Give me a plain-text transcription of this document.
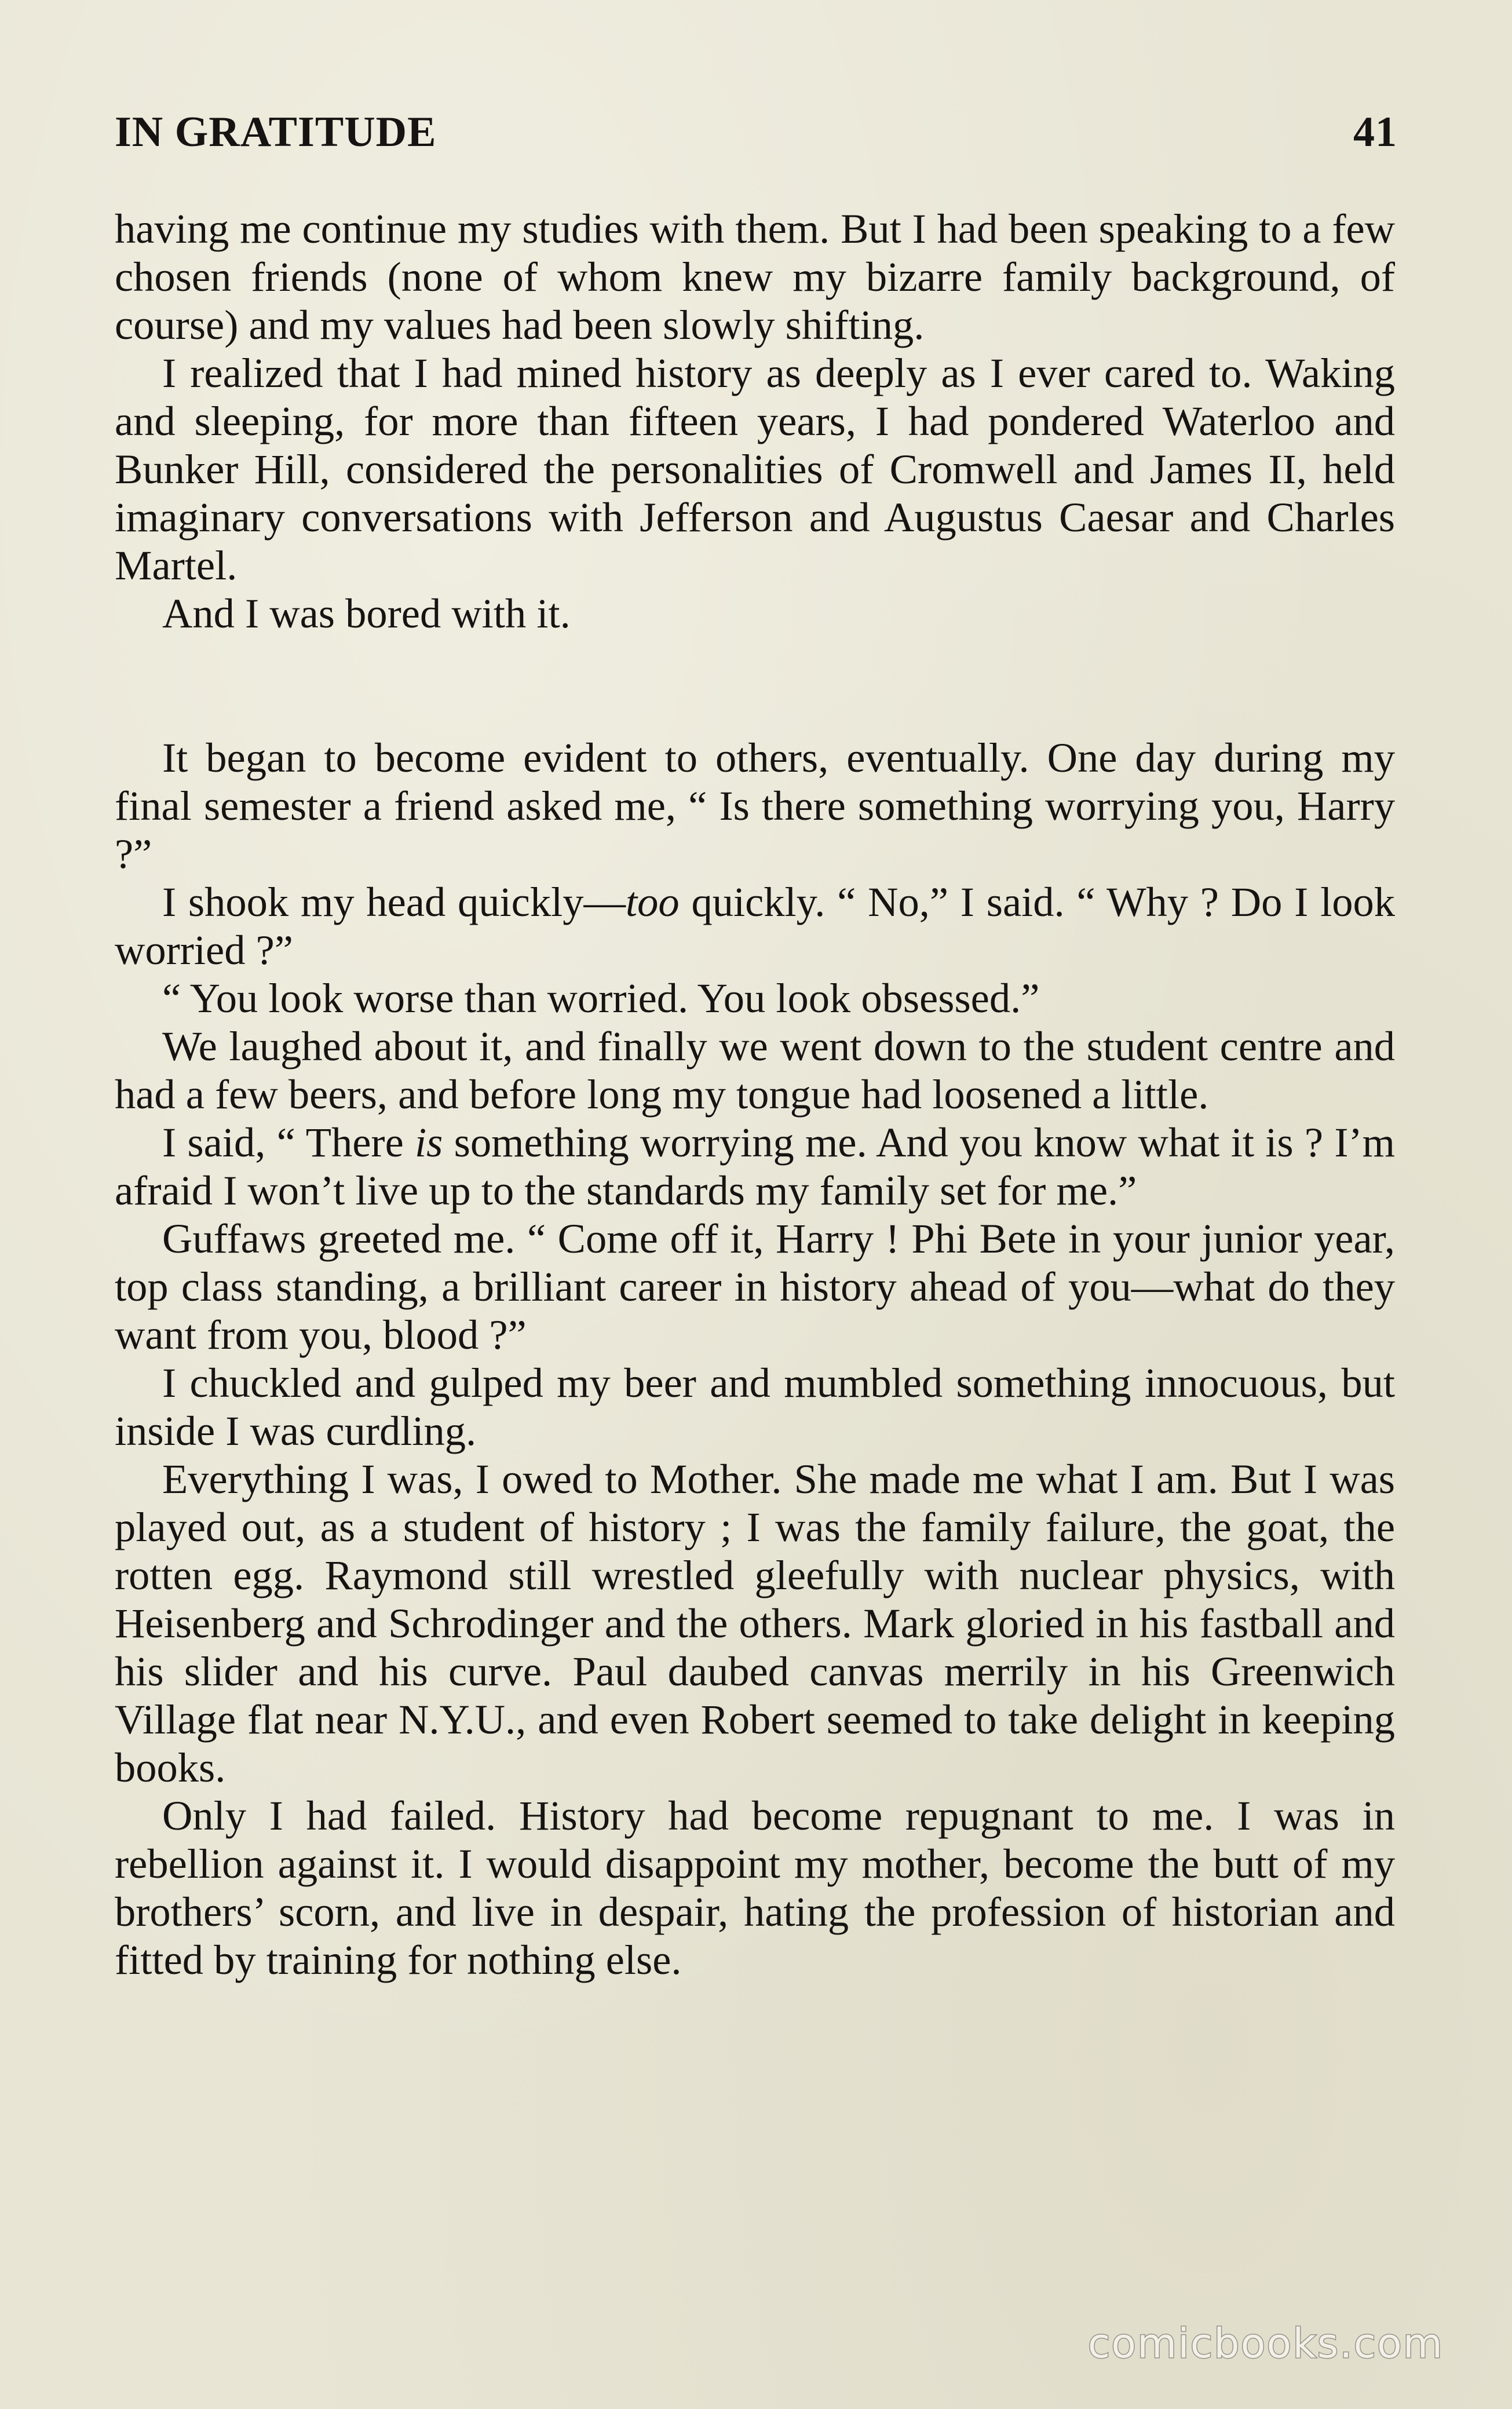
IN GRATITUDE	41

having me continue my studies with them. But I had been speaking to a few chosen friends (none of whom knew my bizarre family background, of course) and my values had been slowly shifting.

I realized that I had mined history as deeply as I ever cared to. Waking and sleeping, for more than fifteen years, I had pondered Waterloo and Bunker Hill, considered the personalities of Cromwell and James II, held imaginary conversations with Jefferson and Augustus Caesar and Charles Martel.

And I was bored with it.

It began to become evident to others, eventually. One day during my final semester a friend asked me, “ Is there something worrying you, Harry ?”

I shook my head quickly—too quickly. “ No,” I said. “ Why ? Do I look worried ?”

“ You look worse than worried. You look obsessed.”

We laughed about it, and finally we went down to the student centre and had a few beers, and before long my tongue had loosened a little.

I said, “ There is something worrying me. And you know what it is ? I’m afraid I won’t live up to the standards my family set for me.”

Guffaws greeted me. “ Come off it, Harry ! Phi Bete in your junior year, top class standing, a brilliant career in history ahead of you—what do they want from you, blood ?”

I chuckled and gulped my beer and mumbled something innocuous, but inside I was curdling.

Everything I was, I owed to Mother. She made me what I am. But I was played out, as a student of history ; I was the family failure, the goat, the rotten egg. Raymond still wrestled gleefully with nuclear physics, with Heisenberg and Schrodinger and the others. Mark gloried in his fastball and his slider and his curve. Paul daubed canvas merrily in his Greenwich Village flat near N.Y.U., and even Robert seemed to take delight in keeping books.

Only I had failed. History had become repugnant to me. I was in rebellion against it. I would disappoint my mother, become the butt of my brothers’ scorn, and live in despair, hating the profession of historian and fitted by training for nothing else.

comicbooks.com
